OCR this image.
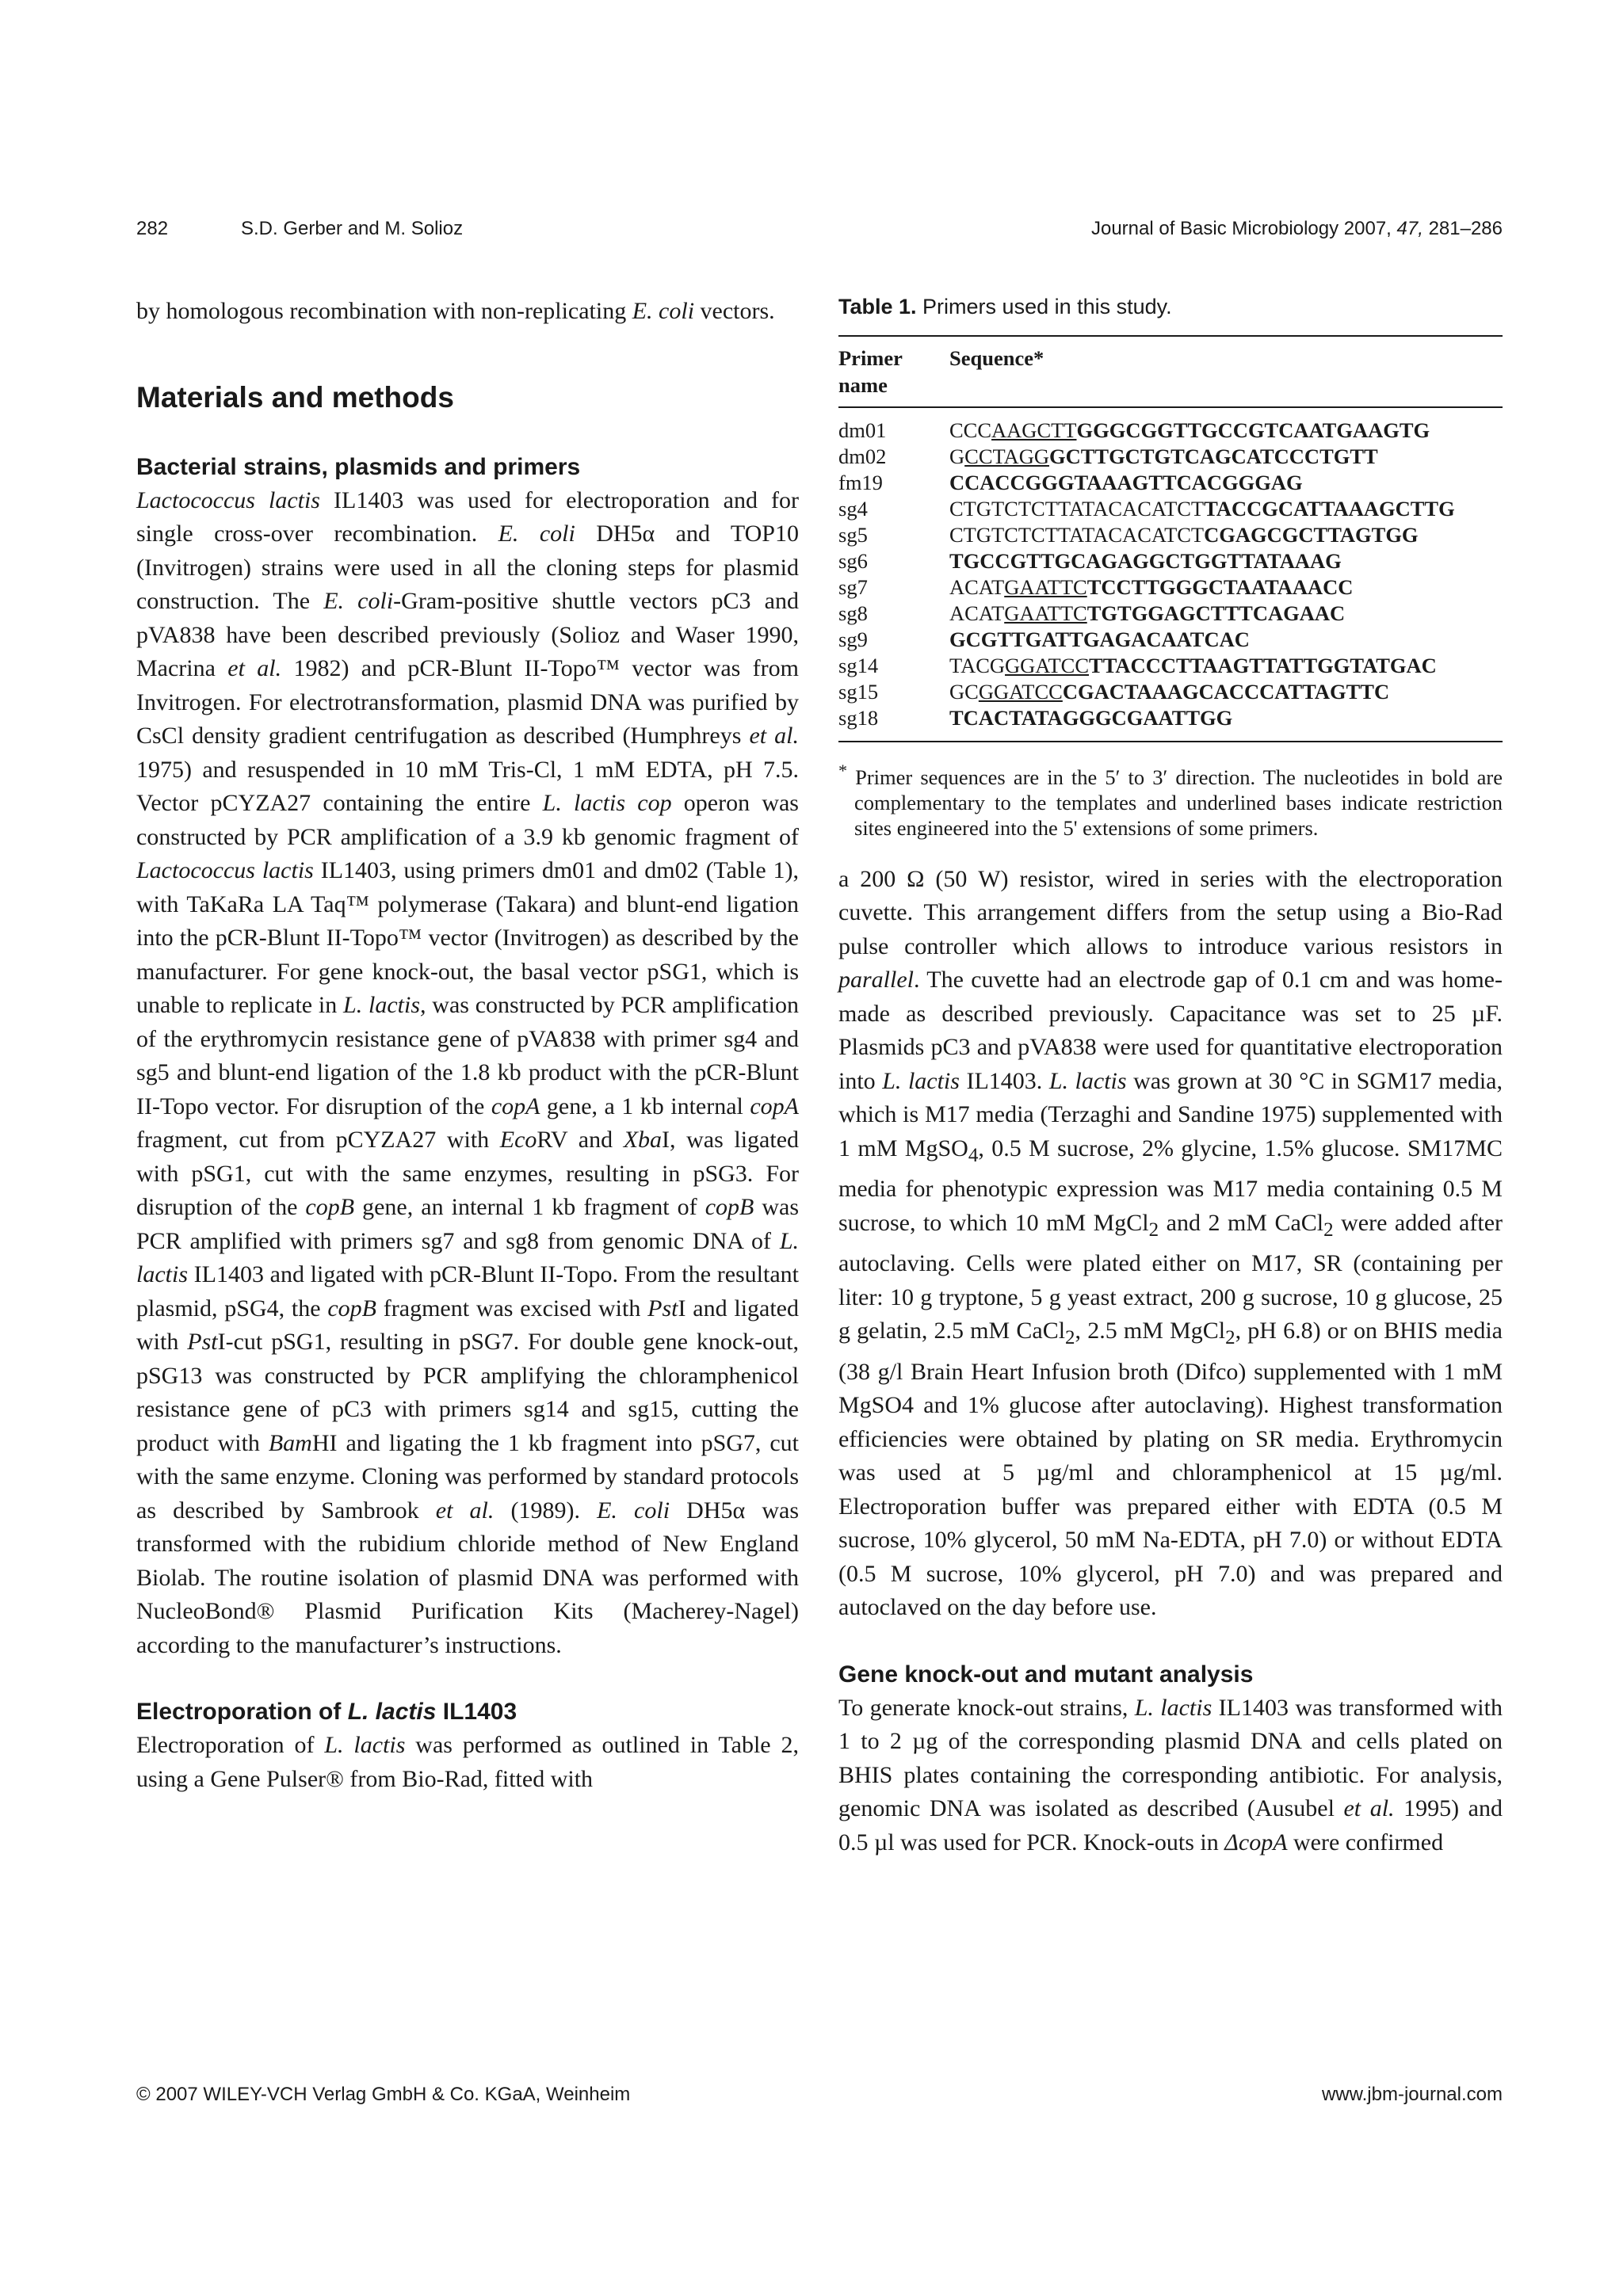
282	S.D. Gerber and M. Solioz	Journal of Basic Microbiology 2007, 47, 281–286

by homologous recombination with non-replicating E. coli vectors.

Materials and methods
Bacterial strains, plasmids and primers

Lactococcus lactis IL1403 was used for electroporation and for single cross-over recombination. E. coli DH5α and TOP10 (Invitrogen) strains were used in all the cloning steps for plasmid construction. The E. coli-Gram-positive shuttle vectors pC3 and pVA838 have been described previously (Solioz and Waser 1990, Macrina et al. 1982) and pCR-Blunt II-Topo™ vector was from Invitrogen. For electrotransformation, plasmid DNA was purified by CsCl density gradient centrifugation as described (Humphreys et al. 1975) and resuspended in 10 mM Tris-Cl, 1 mM EDTA, pH 7.5. Vector pCYZA27 containing the entire L. lactis cop operon was constructed by PCR amplification of a 3.9 kb genomic fragment of Lactococcus lactis IL1403, using primers dm01 and dm02 (Table 1), with TaKaRa LA Taq™ polymerase (Takara) and blunt-end ligation into the pCR-Blunt II-Topo™ vector (Invitrogen) as described by the manufacturer. For gene knock-out, the basal vector pSG1, which is unable to replicate in L. lactis, was constructed by PCR amplification of the erythromycin resistance gene of pVA838 with primer sg4 and sg5 and blunt-end ligation of the 1.8 kb product with the pCR-Blunt II-Topo vector. For disruption of the copA gene, a 1 kb internal copA fragment, cut from pCYZA27 with EcoRV and XbaI, was ligated with pSG1, cut with the same enzymes, resulting in pSG3. For disruption of the copB gene, an internal 1 kb fragment of copB was PCR amplified with primers sg7 and sg8 from genomic DNA of L. lactis IL1403 and ligated with pCR-Blunt II-Topo. From the resultant plasmid, pSG4, the copB fragment was excised with PstI and ligated with PstI-cut pSG1, resulting in pSG7. For double gene knock-out, pSG13 was constructed by PCR amplifying the chloramphenicol resistance gene of pC3 with primers sg14 and sg15, cutting the product with BamHI and ligating the 1 kb fragment into pSG7, cut with the same enzyme. Cloning was performed by standard protocols as described by Sambrook et al. (1989). E. coli DH5α was transformed with the rubidium chloride method of New England Biolab. The routine isolation of plasmid DNA was performed with NucleoBond® Plasmid Purification Kits (Macherey-Nagel) according to the manufacturer’s instructions.

Electroporation of L. lactis IL1403

Electroporation of L. lactis was performed as outlined in Table 2, using a Gene Pulser® from Bio-Rad, fitted with

Table 1. Primers used in this study.

Primer
name	Sequence*
dm01	CCCAAGCTTGGGCGGTTGCCGTCAATGAAGTG
dm02	GCCTAGGGCTTGCTGTCAGCATCCCTGTT
fm19	CCACCGGGTAAAGTTCACGGGAG
sg4	CTGTCTCTTATACACATCTTACCGCATTAAAGCTTG
sg5	CTGTCTCTTATACACATCTCGAGCGCTTAGTGG
sg6	TGCCGTTGCAGAGGCTGGTTATAAAG
sg7	ACATGAATTCTCCTTGGGCTAATAAACC
sg8	ACATGAATTCTGTGGAGCTTTCAGAAC
sg9	GCGTTGATTGAGACAATCAC
sg14	TACGGGATCCTTACCCTTAAGTTATTGGTATGAC
sg15	GCGGATCCCGACTAAAGCACCCATTAGTTC
sg18	TCACTATAGGGCGAATTGG

* Primer sequences are in the 5′ to 3′ direction. The nucleotides in bold are complementary to the templates and underlined bases indicate restriction sites engineered into the 5' extensions of some primers.

a 200 Ω (50 W) resistor, wired in series with the electroporation cuvette. This arrangement differs from the setup using a Bio-Rad pulse controller which allows to introduce various resistors in parallel. The cuvette had an electrode gap of 0.1 cm and was home-made as described previously. Capacitance was set to 25 µF. Plasmids pC3 and pVA838 were used for quantitative electroporation into L. lactis IL1403. L. lactis was grown at 30 °C in SGM17 media, which is M17 media (Terzaghi and Sandine 1975) supplemented with 1 mM MgSO$_4$, 0.5 M sucrose, 2% glycine, 1.5% glucose. SM17MC media for phenotypic expression was M17 media containing 0.5 M sucrose, to which 10 mM MgCl$_2$ and 2 mM CaCl$_2$ were added after autoclaving. Cells were plated either on M17, SR (containing per liter: 10 g tryptone, 5 g yeast extract, 200 g sucrose, 10 g glucose, 25 g gelatin, 2.5 mM CaCl$_2$, 2.5 mM MgCl$_2$, pH 6.8) or on BHIS media (38 g/l Brain Heart Infusion broth (Difco) supplemented with 1 mM MgSO4 and 1% glucose after autoclaving). Highest transformation efficiencies were obtained by plating on SR media. Erythromycin was used at 5 µg/ml and chloramphenicol at 15 µg/ml. Electroporation buffer was prepared either with EDTA (0.5 M sucrose, 10% glycerol, 50 mM Na-EDTA, pH 7.0) or without EDTA (0.5 M sucrose, 10% glycerol, pH 7.0) and was prepared and autoclaved on the day before use.

Gene knock-out and mutant analysis

To generate knock-out strains, L. lactis IL1403 was transformed with 1 to 2 µg of the corresponding plasmid DNA and cells plated on BHIS plates containing the corresponding antibiotic. For analysis, genomic DNA was isolated as described (Ausubel et al. 1995) and 0.5 µl was used for PCR. Knock-outs in ΔcopA were confirmed

© 2007 WILEY-VCH Verlag GmbH & Co. KGaA, Weinheim	www.jbm-journal.com
